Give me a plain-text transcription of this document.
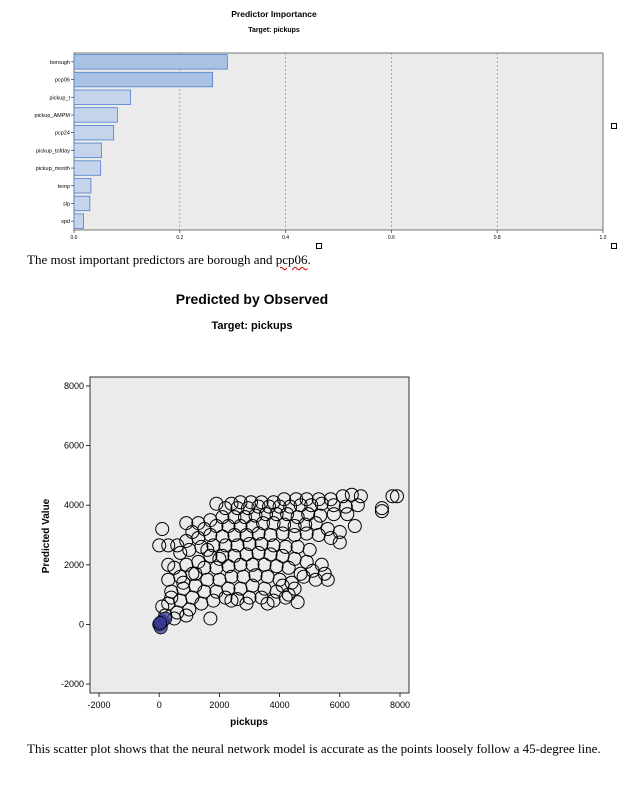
Predictor Importance
Target: pickups
borough
pcp06
pickup_t
pickup_AMPM
pcp24
pickup_tofday
pickup_month
temp
slp
spd
0.0	0.2	0.4	0.6	0.8	1.0
The most important predictors are borough and pcp06.
Predicted by Observed
Target: pickups
-2000	0	2000	4000	6000	8000
-2000
0
2000
4000
6000
8000
pickups
Predicted Value
This scatter plot shows that the neural network model is accurate as the points loosely follow a 45-degree line.
